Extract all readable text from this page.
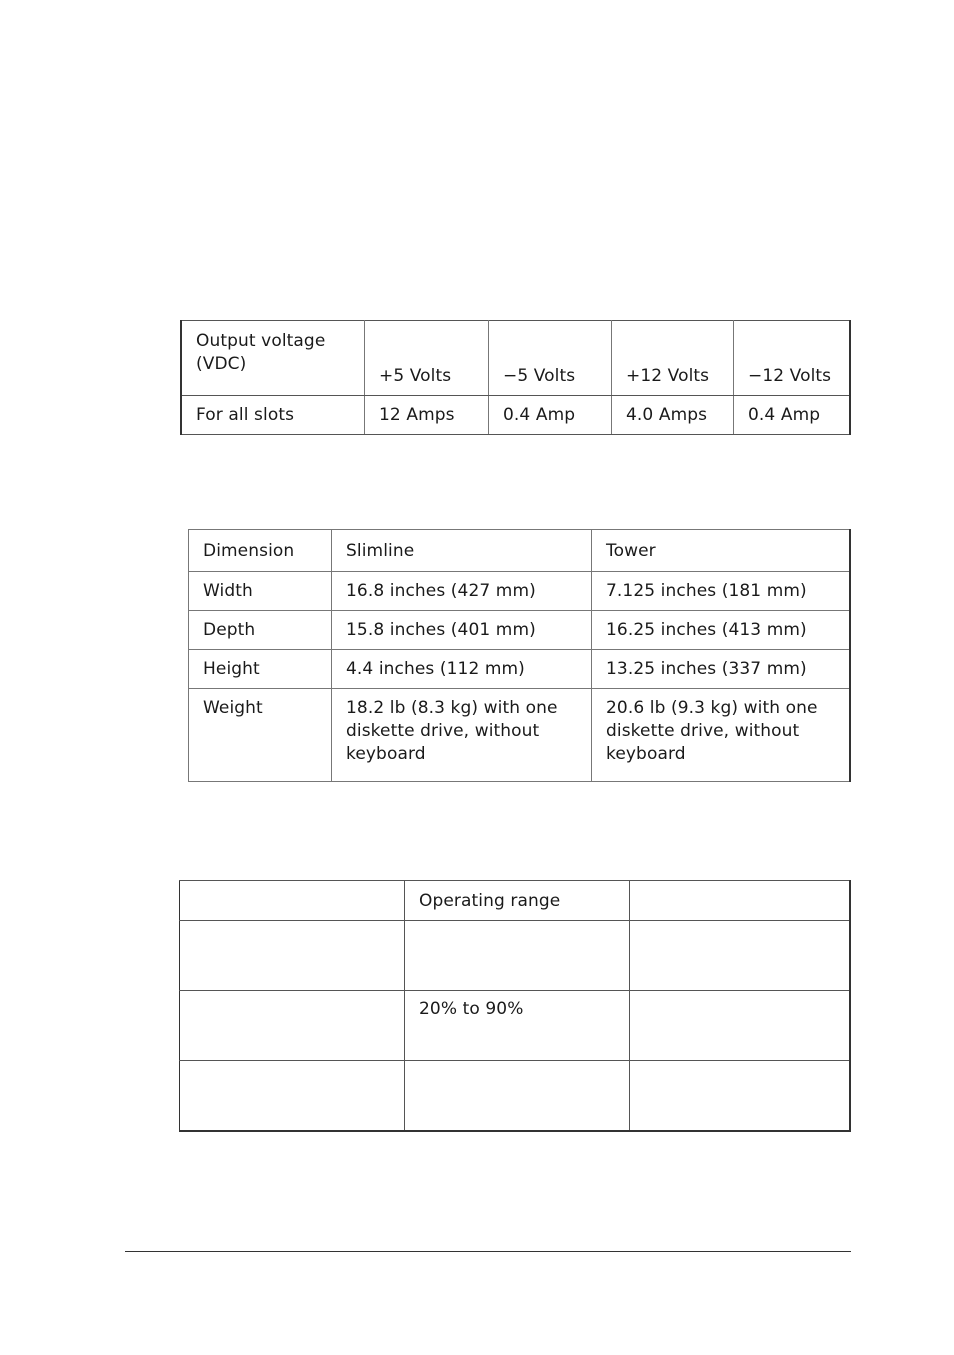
Output voltage
(VDC)	+5 Volts	−5 Volts	+12 Volts	−12 Volts
For all slots	12 Amps	0.4 Amp	4.0 Amps	0.4 Amp
Dimension	Slimline	Tower
Width	16.8 inches (427 mm)	7.125 inches (181 mm)
Depth	15.8 inches (401 mm)	16.25 inches (413 mm)
Height	4.4 inches (112 mm)	13.25 inches (337 mm)
Weight	18.2 lb (8.3 kg) with one diskette drive, without keyboard	20.6 lb (9.3 kg) with one diskette drive, without keyboard
	Operating range	

	20% to 90%	
